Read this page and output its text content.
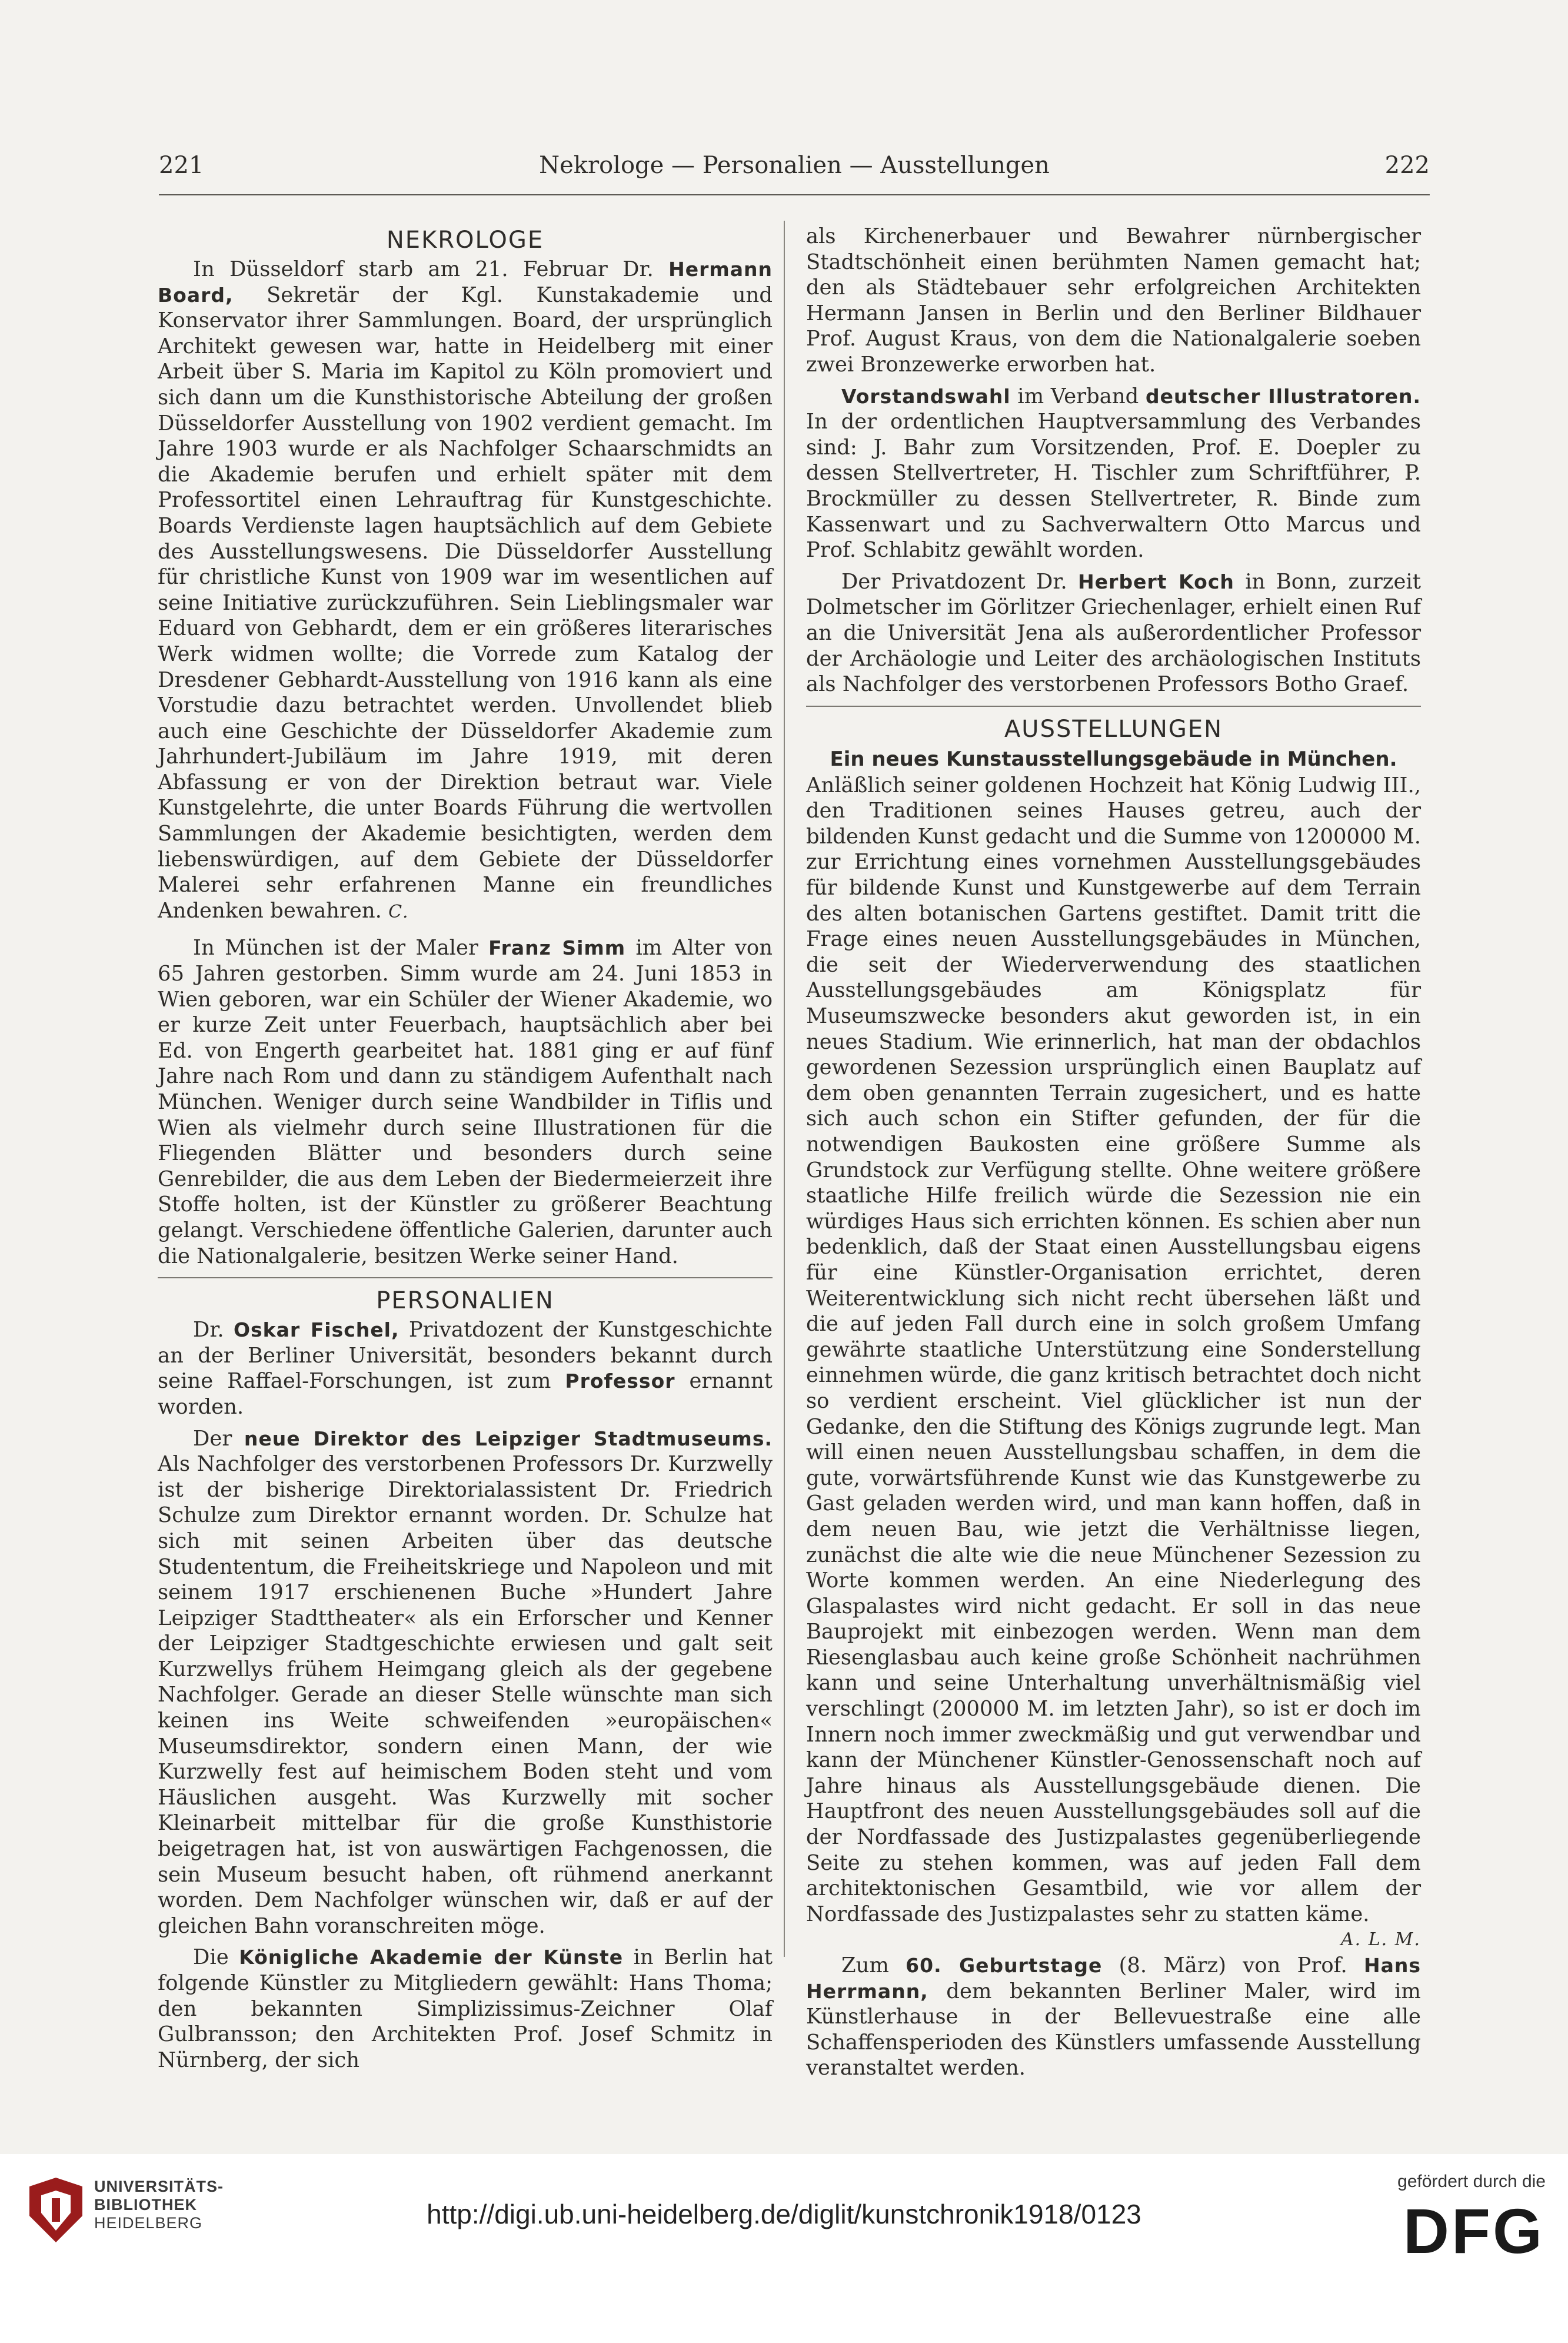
221	Nekrologe — Personalien — Ausstellungen	222
NEKROLOGE

In Düsseldorf starb am 21. Februar Dr. Hermann Board, Sekretär der Kgl. Kunstakademie und Konservator ihrer Sammlungen. Board, der ursprünglich Architekt gewesen war, hatte in Heidelberg mit einer Arbeit über S. Maria im Kapitol zu Köln promoviert und sich dann um die Kunsthistorische Abteilung der großen Düsseldorfer Ausstellung von 1902 verdient gemacht. Im Jahre 1903 wurde er als Nachfolger Schaarschmidts an die Akademie berufen und erhielt später mit dem Professortitel einen Lehrauftrag für Kunstgeschichte. Boards Verdienste lagen hauptsächlich auf dem Gebiete des Ausstellungswesens. Die Düsseldorfer Ausstellung für christliche Kunst von 1909 war im wesentlichen auf seine Initiative zurückzuführen. Sein Lieblingsmaler war Eduard von Gebhardt, dem er ein größeres literarisches Werk widmen wollte; die Vorrede zum Katalog der Dresdener Gebhardt-Ausstellung von 1916 kann als eine Vorstudie dazu betrachtet werden. Unvollendet blieb auch eine Geschichte der Düsseldorfer Akademie zum Jahrhundert-Jubiläum im Jahre 1919, mit deren Abfassung er von der Direktion betraut war. Viele Kunstgelehrte, die unter Boards Führung die wertvollen Sammlungen der Akademie besichtigten, werden dem liebenswürdigen, auf dem Gebiete der Düsseldorfer Malerei sehr erfahrenen Manne ein freundliches Andenken bewahren. C.

In München ist der Maler Franz Simm im Alter von 65 Jahren gestorben. Simm wurde am 24. Juni 1853 in Wien geboren, war ein Schüler der Wiener Akademie, wo er kurze Zeit unter Feuerbach, hauptsächlich aber bei Ed. von Engerth gearbeitet hat. 1881 ging er auf fünf Jahre nach Rom und dann zu ständigem Aufenthalt nach München. Weniger durch seine Wandbilder in Tiflis und Wien als vielmehr durch seine Illustrationen für die Fliegenden Blätter und besonders durch seine Genrebilder, die aus dem Leben der Biedermeierzeit ihre Stoffe holten, ist der Künstler zu größerer Beachtung gelangt. Verschiedene öffentliche Galerien, darunter auch die Nationalgalerie, besitzen Werke seiner Hand.

PERSONALIEN

Dr. Oskar Fischel, Privatdozent der Kunstgeschichte an der Berliner Universität, besonders bekannt durch seine Raffael-Forschungen, ist zum Professor ernannt worden.

Der neue Direktor des Leipziger Stadtmuseums. Als Nachfolger des verstorbenen Professors Dr. Kurzwelly ist der bisherige Direktorialassistent Dr. Friedrich Schulze zum Direktor ernannt worden. Dr. Schulze hat sich mit seinen Arbeiten über das deutsche Studententum, die Freiheitskriege und Napoleon und mit seinem 1917 erschienenen Buche »Hundert Jahre Leipziger Stadttheater« als ein Erforscher und Kenner der Leipziger Stadtgeschichte erwiesen und galt seit Kurzwellys frühem Heimgang gleich als der gegebene Nachfolger. Gerade an dieser Stelle wünschte man sich keinen ins Weite schweifenden »europäischen« Museumsdirektor, sondern einen Mann, der wie Kurzwelly fest auf heimischem Boden steht und vom Häuslichen ausgeht. Was Kurzwelly mit socher Kleinarbeit mittelbar für die große Kunsthistorie beigetragen hat, ist von auswärtigen Fachgenossen, die sein Museum besucht haben, oft rühmend anerkannt worden. Dem Nachfolger wünschen wir, daß er auf der gleichen Bahn voranschreiten möge.

Die Königliche Akademie der Künste in Berlin hat folgende Künstler zu Mitgliedern gewählt: Hans Thoma; den bekannten Simplizissimus-Zeichner Olaf Gulbransson; den Architekten Prof. Josef Schmitz in Nürnberg, der sich

als Kirchenerbauer und Bewahrer nürnbergischer Stadtschönheit einen berühmten Namen gemacht hat; den als Städtebauer sehr erfolgreichen Architekten Hermann Jansen in Berlin und den Berliner Bildhauer Prof. August Kraus, von dem die Nationalgalerie soeben zwei Bronzewerke erworben hat.

Vorstandswahl im Verband deutscher Illustratoren. In der ordentlichen Hauptversammlung des Verbandes sind: J. Bahr zum Vorsitzenden, Prof. E. Doepler zu dessen Stellvertreter, H. Tischler zum Schriftführer, P. Brockmüller zu dessen Stellvertreter, R. Binde zum Kassenwart und zu Sachverwaltern Otto Marcus und Prof. Schlabitz gewählt worden.

Der Privatdozent Dr. Herbert Koch in Bonn, zurzeit Dolmetscher im Görlitzer Griechenlager, erhielt einen Ruf an die Universität Jena als außerordentlicher Professor der Archäologie und Leiter des archäologischen Instituts als Nachfolger des verstorbenen Professors Botho Graef.

AUSSTELLUNGEN
Ein neues Kunstausstellungsgebäude in München.

Anläßlich seiner goldenen Hochzeit hat König Ludwig III., den Traditionen seines Hauses getreu, auch der bildenden Kunst gedacht und die Summe von 1200000 M. zur Errichtung eines vornehmen Ausstellungsgebäudes für bildende Kunst und Kunstgewerbe auf dem Terrain des alten botanischen Gartens gestiftet. Damit tritt die Frage eines neuen Ausstellungsgebäudes in München, die seit der Wiederverwendung des staatlichen Ausstellungsgebäudes am Königsplatz für Museumszwecke besonders akut geworden ist, in ein neues Stadium. Wie erinnerlich, hat man der obdachlos gewordenen Sezession ursprünglich einen Bauplatz auf dem oben genannten Terrain zugesichert, und es hatte sich auch schon ein Stifter gefunden, der für die notwendigen Baukosten eine größere Summe als Grundstock zur Verfügung stellte. Ohne weitere größere staatliche Hilfe freilich würde die Sezession nie ein würdiges Haus sich errichten können. Es schien aber nun bedenklich, daß der Staat einen Ausstellungsbau eigens für eine Künstler-Organisation errichtet, deren Weiterentwicklung sich nicht recht übersehen läßt und die auf jeden Fall durch eine in solch großem Umfang gewährte staatliche Unterstützung eine Sonderstellung einnehmen würde, die ganz kritisch betrachtet doch nicht so verdient erscheint. Viel glücklicher ist nun der Gedanke, den die Stiftung des Königs zugrunde legt. Man will einen neuen Ausstellungsbau schaffen, in dem die gute, vorwärtsführende Kunst wie das Kunstgewerbe zu Gast geladen werden wird, und man kann hoffen, daß in dem neuen Bau, wie jetzt die Verhältnisse liegen, zunächst die alte wie die neue Münchener Sezession zu Worte kommen werden. An eine Niederlegung des Glaspalastes wird nicht gedacht. Er soll in das neue Bauprojekt mit einbezogen werden. Wenn man dem Riesenglasbau auch keine große Schönheit nachrühmen kann und seine Unterhaltung unverhältnismäßig viel verschlingt (200000 M. im letzten Jahr), so ist er doch im Innern noch immer zweckmäßig und gut verwendbar und kann der Münchener Künstler-Genossenschaft noch auf Jahre hinaus als Ausstellungsgebäude dienen. Die Hauptfront des neuen Ausstellungsgebäudes soll auf die der Nordfassade des Justizpalastes gegenüberliegende Seite zu stehen kommen, was auf jeden Fall dem architektonischen Gesamtbild, wie vor allem der Nordfassade des Justizpalastes sehr zu statten käme.
A. L. M.

Zum 60. Geburtstage (8. März) von Prof. Hans Herrmann, dem bekannten Berliner Maler, wird im Künstlerhause in der Bellevuestraße eine alle Schaffensperioden des Künstlers umfassende Ausstellung veranstaltet werden.

UNIVERSITÄTS-
BIBLIOTHEK
HEIDELBERG	http://digi.ub.uni-heidelberg.de/diglit/kunstchronik1918/0123
gefördert durch die
DFG
